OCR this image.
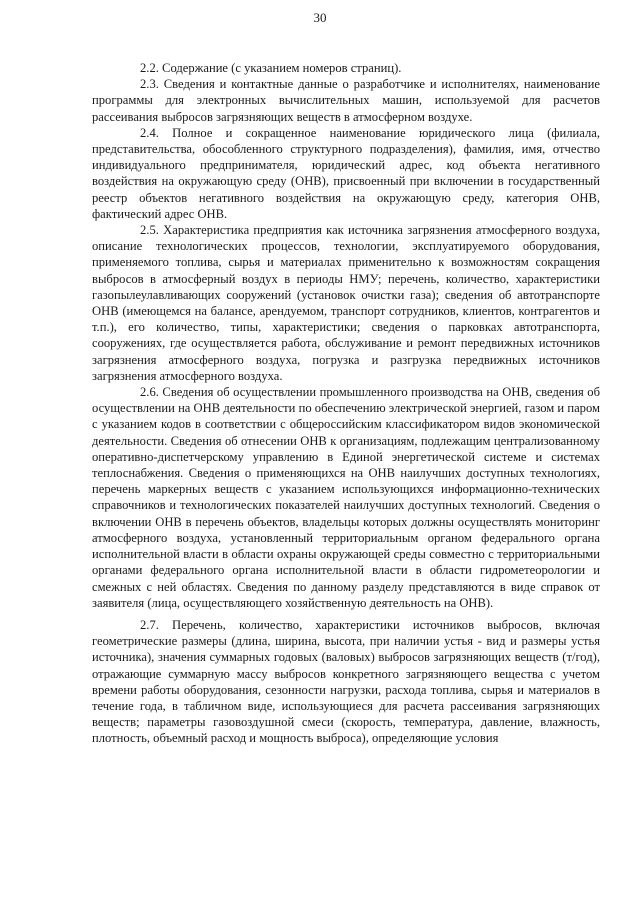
30

2.2. Содержание (с указанием номеров страниц).

2.3. Сведения и контактные данные о разработчике и исполнителях, наименование программы для электронных вычислительных машин, используемой для расчетов рассеивания выбросов загрязняющих веществ в атмосферном воздухе.

2.4. Полное и сокращенное наименование юридического лица (филиала, представительства, обособленного структурного подразделения), фамилия, имя, отчество индивидуального предпринимателя, юридический адрес, код объекта негативного воздействия на окружающую среду (ОНВ), присвоенный при включении в государственный реестр объектов негативного воздействия на окружающую среду, категория ОНВ, фактический адрес ОНВ.

2.5. Характеристика предприятия как источника загрязнения атмосферного воздуха, описание технологических процессов, технологии, эксплуатируемого оборудования, применяемого топлива, сырья и материалах применительно к возможностям сокращения выбросов в атмосферный воздух в периоды НМУ; перечень, количество, характеристики газопылеулавливающих сооружений (установок очистки газа); сведения об автотранспорте ОНВ (имеющемся на балансе, арендуемом, транспорт сотрудников, клиентов, контрагентов и т.п.), его количество, типы, характеристики; сведения о парковках автотранспорта, сооружениях, где осуществляется работа, обслуживание и ремонт передвижных источников загрязнения атмосферного воздуха, погрузка и разгрузка передвижных источников загрязнения атмосферного воздуха.

2.6. Сведения об осуществлении промышленного производства на ОНВ, сведения об осуществлении на ОНВ деятельности по обеспечению электрической энергией, газом и паром с указанием кодов в соответствии с общероссийским классификатором видов экономической деятельности. Сведения об отнесении ОНВ к организациям, подлежащим централизованному оперативно-диспетчерскому управлению в Единой энергетической системе и системах теплоснабжения. Сведения о применяющихся на ОНВ наилучших доступных технологиях, перечень маркерных веществ с указанием использующихся информационно-технических справочников и технологических показателей наилучших доступных технологий. Сведения о включении ОНВ в перечень объектов, владельцы которых должны осуществлять мониторинг атмосферного воздуха, установленный территориальным органом федерального органа исполнительной власти в области охраны окружающей среды совместно с территориальными органами федерального органа исполнительной власти в области гидрометеорологии и смежных с ней областях. Сведения по данному разделу представляются в виде справок от заявителя (лица, осуществляющего хозяйственную деятельность на ОНВ).

2.7. Перечень, количество, характеристики источников выбросов, включая геометрические размеры (длина, ширина, высота, при наличии устья - вид и размеры устья источника), значения суммарных годовых (валовых) выбросов загрязняющих веществ (т/год), отражающие суммарную массу выбросов конкретного загрязняющего вещества с учетом времени работы оборудования, сезонности нагрузки, расхода топлива, сырья и материалов в течение года, в табличном виде, использующиеся для расчета рассеивания загрязняющих веществ; параметры газовоздушной смеси (скорость, температура, давление, влажность, плотность, объемный расход и мощность выброса), определяющие условия
